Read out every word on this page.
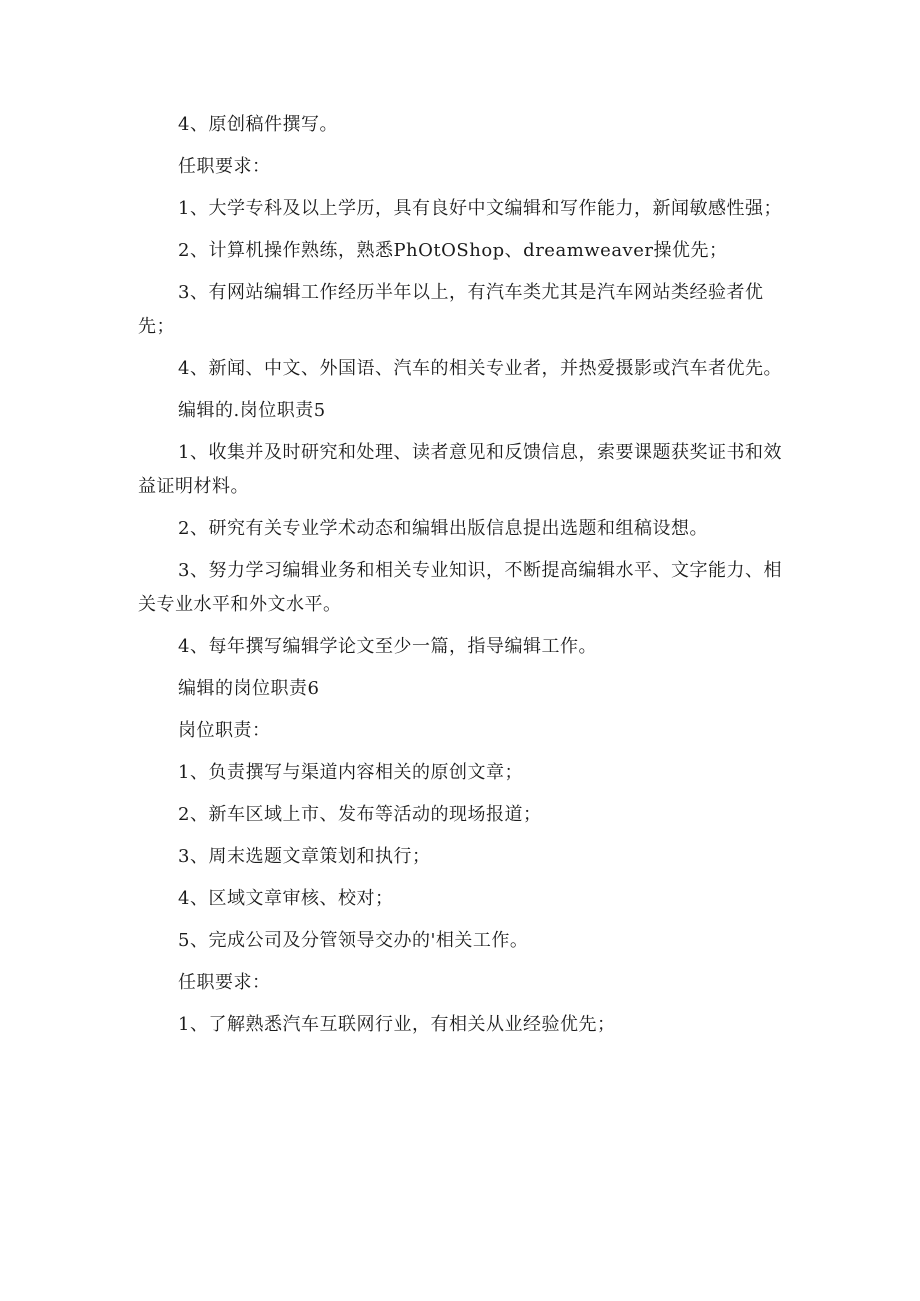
4、原创稿件撰写。

任职要求：

1、大学专科及以上学历，具有良好中文编辑和写作能力，新闻敏感性强；

2、计算机操作熟练，熟悉PhOtOShop、dreamweaver操优先；

3、有网站编辑工作经历半年以上，有汽车类尤其是汽车网站类经验者优先；

4、新闻、中文、外国语、汽车的相关专业者，并热爱摄影或汽车者优先。

编辑的.岗位职责5

1、收集并及时研究和处理、读者意见和反馈信息，索要课题获奖证书和效益证明材料。

2、研究有关专业学术动态和编辑出版信息提出选题和组稿设想。

3、努力学习编辑业务和相关专业知识，不断提高编辑水平、文字能力、相关专业水平和外文水平。

4、每年撰写编辑学论文至少一篇，指导编辑工作。

编辑的岗位职责6

岗位职责：

1、负责撰写与渠道内容相关的原创文章；

2、新车区域上市、发布等活动的现场报道；

3、周末选题文章策划和执行；

4、区域文章审核、校对；

5、完成公司及分管领导交办的'相关工作。

任职要求：

1、了解熟悉汽车互联网行业，有相关从业经验优先；
